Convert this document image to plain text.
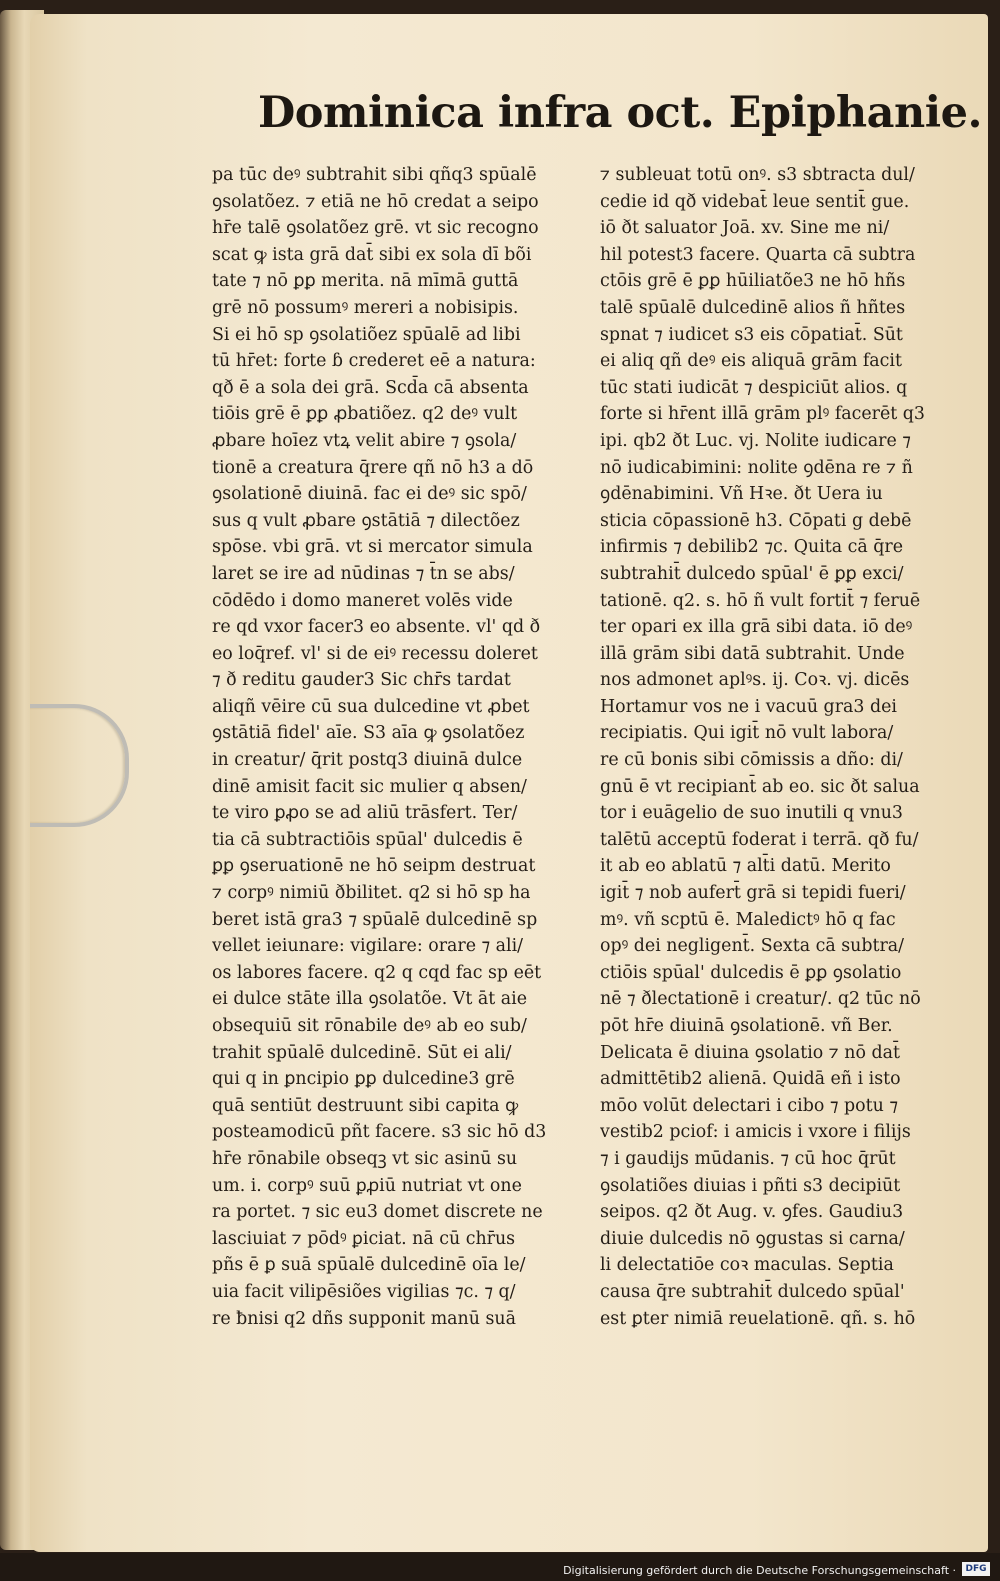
Dominica infra oct. Epiphanie.
pa tūc deꝰ subtrahit sibi qñq3 spūalē
ꝯsolatõez. ⁊ etiā ne hō credat a seipo
hr̄e talē ꝯsolatõez grē. vt sic recogno
scat ꝙ ista grā dat̄ sibi ex sola dī bõi
tate ⁊ nō ꝑꝑ merita. nā mīmā guttā
grē nō possumꝰ mereri a nobisipis.
Si ei hō sp ꝯsolatiõez spūalē ad libi
tū hr̄et: forte ɓ crederet eē a natura:
qð ē a sola dei grā. Scd̄a cā absenta
tiōis grē ē ꝑꝑ ꝓbatiõez. q2 deꝰ vult
ꝓbare hoīez vtꝝ velit abire ⁊ ꝯsola/
tionē a creatura q̄rere qñ nō h3 a dō
ꝯsolationē diuinā. fac ei deꝰ sic spō/
sus q vult ꝓbare ꝯstātiā ⁊ dilectõez
spōse. vbi grā. vt si mercator simula
laret se ire ad nūdinas ⁊ t̄n se abs/
cōdēdo i domo maneret volēs vide
re qd vxor facer3 eo absente. vl' qd ð
eo loq̄ref. vl' si de eiꝰ recessu doleret
⁊ ð reditu gauder3 Sic chr̄s tardat
aliqñ vēire cū sua dulcedine vt ꝓbet
ꝯstātiā fidel' aīe. S3 aīa ꝙ ꝯsolatõez
in creatur/ q̄rit postq3 diuinā dulce
dinē amisit facit sic mulier q absen/
te viro ꝑꝓo se ad aliū trāsfert. Ter/
tia cā subtractiōis spūal' dulcedis ē
ꝑꝑ ꝯseruationē ne hō seipm destruat
⁊ corpꝰ nimiū ðbilitet. q2 si hō sp ha
beret istā gra3 ⁊ spūalē dulcedinē sp
vellet ieiunare: vigilare: orare ⁊ ali/
os labores facere. q2 q cqd fac sp eēt
ei dulce stāte illa ꝯsolatõe. Vt āt aie
obsequiū sit rōnabile deꝰ ab eo sub/
trahit spūalē dulcedinē. Sūt ei ali/
qui q in ꝑncipio ꝑꝑ dulcedine3 grē
quā sentiūt destruunt sibi capita ꝙ
posteamodicū pñt facere. s3 sic hō d3
hr̄e rōnabile obseqꝫ vt sic asinū su
um. i. corpꝰ suū ꝑꝓiū nutriat vt one
ra portet. ⁊ sic eu3 domet discrete ne
lasciuiat ⁊ pōdꝰ ꝑiciat. nā cū chr̄us
pñs ē ꝑ suā spūalē dulcedinē oīa le/
uia facit vilipēsiões vigilias ⁊c. ⁊ q/
re ƀnisi q2 dñs supponit manū suā
⁊ subleuat totū onꝰ. s3 sbtracta dul/
cedie id qð videbat̄ leue sentit̄ gue.
iō ðt saluator Joā. xv. Sine me ni/
hil potest3 facere. Quarta cā subtra
ctōis grē ē ꝑꝑ hūiliatõe3 ne hō hñs
talē spūalē dulcedinē alios ñ hñtes
spnat ⁊ iudicet s3 eis cōpatiat̄. Sūt
ei aliq qñ deꝰ eis aliquā grām facit
tūc stati iudicāt ⁊ despiciūt alios. q
forte si hr̄ent illā grām plꝰ facerēt q3
ipi. qb2 ðt Luc. vj. Nolite iudicare ⁊
nō iudicabimini: nolite ꝯdēna re ⁊ ñ
ꝯdēnabimini. Vñ Hꝛe. ðt Uera iu
sticia cōpassionē h3. Cōpati g debē
infirmis ⁊ debilib2 ⁊c. Quita cā q̄re
subtrahit̄ dulcedo spūal' ē ꝑꝑ exci/
tationē. q2. s. hō ñ vult fortit̄ ⁊ feruē
ter opari ex illa grā sibi data. iō deꝰ
illā grām sibi datā subtrahit. Unde
nos admonet aplꝰs. ij. Coꝛ. vj. dicēs
Hortamur vos ne i vacuū gra3 dei
recipiatis. Qui igit̄ nō vult labora/
re cū bonis sibi cōmissis a dño: di/
gnū ē vt recipiant̄ ab eo. sic ðt salua
tor i euāgelio de suo inutili q vnu3
talētū acceptū foderat i terrā. qð fu/
it ab eo ablatū ⁊ alt̄i datū. Merito
igit̄ ⁊ nob aufert̄ grā si tepidi fueri/
mꝰ. vñ scptū ē. Maledictꝰ hō q fac
opꝰ dei negligent̄. Sexta cā subtra/
ctiōis spūal' dulcedis ē ꝑꝑ ꝯsolatio
nē ⁊ ðlectationē i creatur/. q2 tūc nō
pōt hr̄e diuinā ꝯsolationē. vñ Ber.
Delicata ē diuina ꝯsolatio ⁊ nō dat̄
admittētib2 alienā. Quidā eñ i isto
mōo volūt delectari i cibo ⁊ potu ⁊
vestib2 pciof: i amicis i vxore i filijs
⁊ i gaudijs mūdanis. ⁊ cū hoc q̄rūt
ꝯsolatiões diuias i pñti s3 decipiūt
seipos. q2 ðt Aug. v. ꝯfes. Gaudiu3
diuie dulcedis nō ꝯgustas si carna/
li delectatiōe coꝛ maculas. Septia
causa q̄re subtrahit̄ dulcedo spūal'
est ꝑter nimiā reuelationē. qñ. s. hō
Digitalisierung gefördert durch die Deutsche Forschungsgemeinschaft ·	DFG
